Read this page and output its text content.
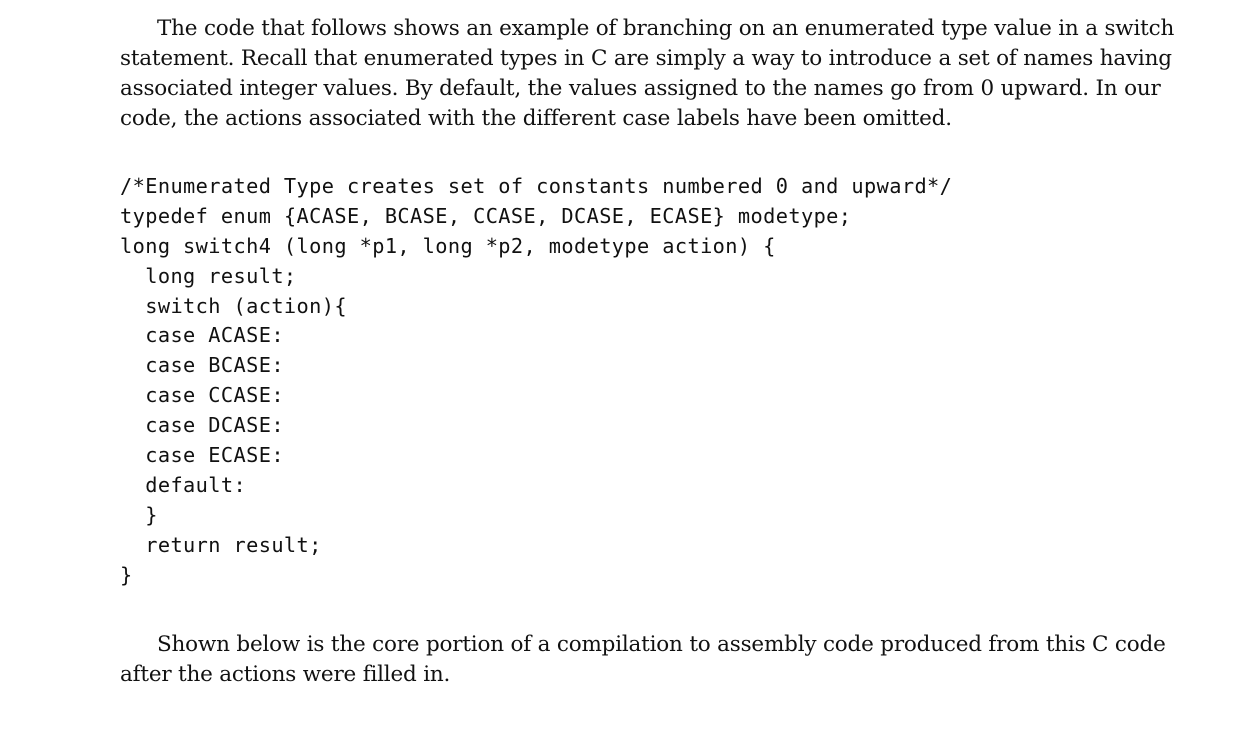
The code that follows shows an example of branching on an enumerated type value in a switch
statement. Recall that enumerated types in C are simply a way to introduce a set of names having
associated integer values. By default, the values assigned to the names go from 0 upward. In our
code, the actions associated with the different case labels have been omitted.
/*Enumerated Type creates set of constants numbered 0 and upward*/
typedef enum {ACASE, BCASE, CCASE, DCASE, ECASE} modetype;
long switch4 (long *p1, long *p2, modetype action) {
long result;
switch (action){
case ACASE:
case BCASE:
case CCASE:
case DCASE:
case ECASE:
default:
}
return result;
}
Shown below is the core portion of a compilation to assembly code produced from this C code
after the actions were filled in.
